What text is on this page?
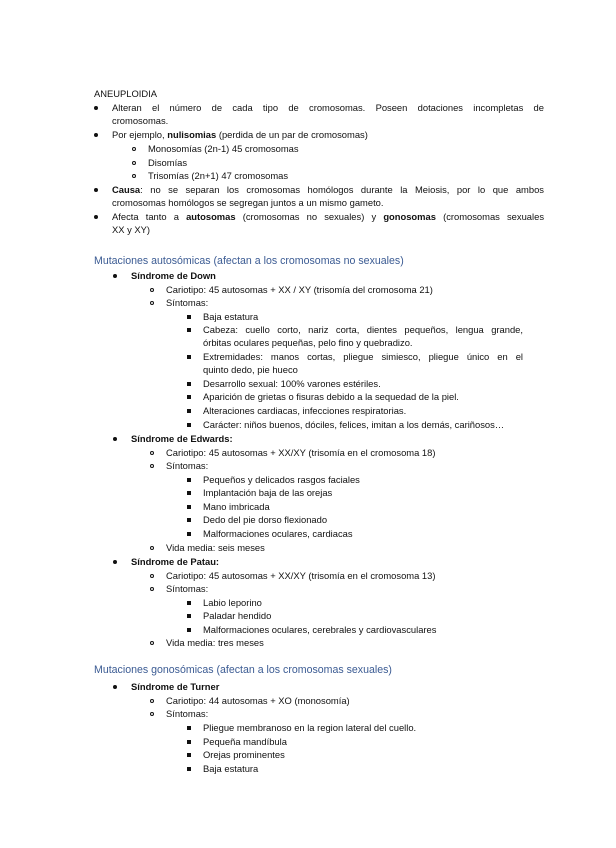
ANEUPLOIDIA
Alteran el número de cada tipo de cromosomas. Poseen dotaciones incompletas de
cromosomas.
Por ejemplo, nulisomias (perdida de un par de cromosomas)
Monosomías (2n-1) 45 cromosomas
Disomías
Trisomías (2n+1) 47 cromosomas
Causa: no se separan los cromosomas homólogos durante la Meiosis, por lo que ambos
cromosomas homólogos se segregan juntos a un mismo gameto.
Afecta tanto a autosomas (cromosomas no sexuales) y gonosomas (cromosomas sexuales
XX y XY)
Mutaciones autosómicas (afectan a los cromosomas no sexuales)
Síndrome de Down
Cariotipo: 45 autosomas + XX / XY (trisomía del cromosoma 21)
Síntomas:
Baja estatura
Cabeza: cuello corto, nariz corta, dientes pequeños, lengua grande,
órbitas oculares pequeñas, pelo fino y quebradizo.
Extremidades: manos cortas, pliegue simiesco, pliegue único en el
quinto dedo, pie hueco
Desarrollo sexual: 100% varones estériles.
Aparición de grietas o fisuras debido a la sequedad de la piel.
Alteraciones cardiacas, infecciones respiratorias.
Carácter: niños buenos, dóciles, felices, imitan a los demás, cariñosos…
Síndrome de Edwards:
Cariotipo: 45 autosomas + XX/XY (trisomía en el cromosoma 18)
Síntomas:
Pequeños y delicados rasgos faciales
Implantación baja de las orejas
Mano imbricada
Dedo del pie dorso flexionado
Malformaciones oculares, cardiacas
Vida media: seis meses
Síndrome de Patau:
Cariotipo: 45 autosomas + XX/XY (trisomía en el cromosoma 13)
Síntomas:
Labio leporino
Paladar hendido
Malformaciones oculares, cerebrales y cardiovasculares
Vida media: tres meses
Mutaciones gonosómicas (afectan a los cromosomas sexuales)
Síndrome de Turner
Cariotipo: 44 autosomas + XO (monosomía)
Síntomas:
Pliegue membranoso en la region lateral del cuello.
Pequeña mandíbula
Orejas prominentes
Baja estatura
